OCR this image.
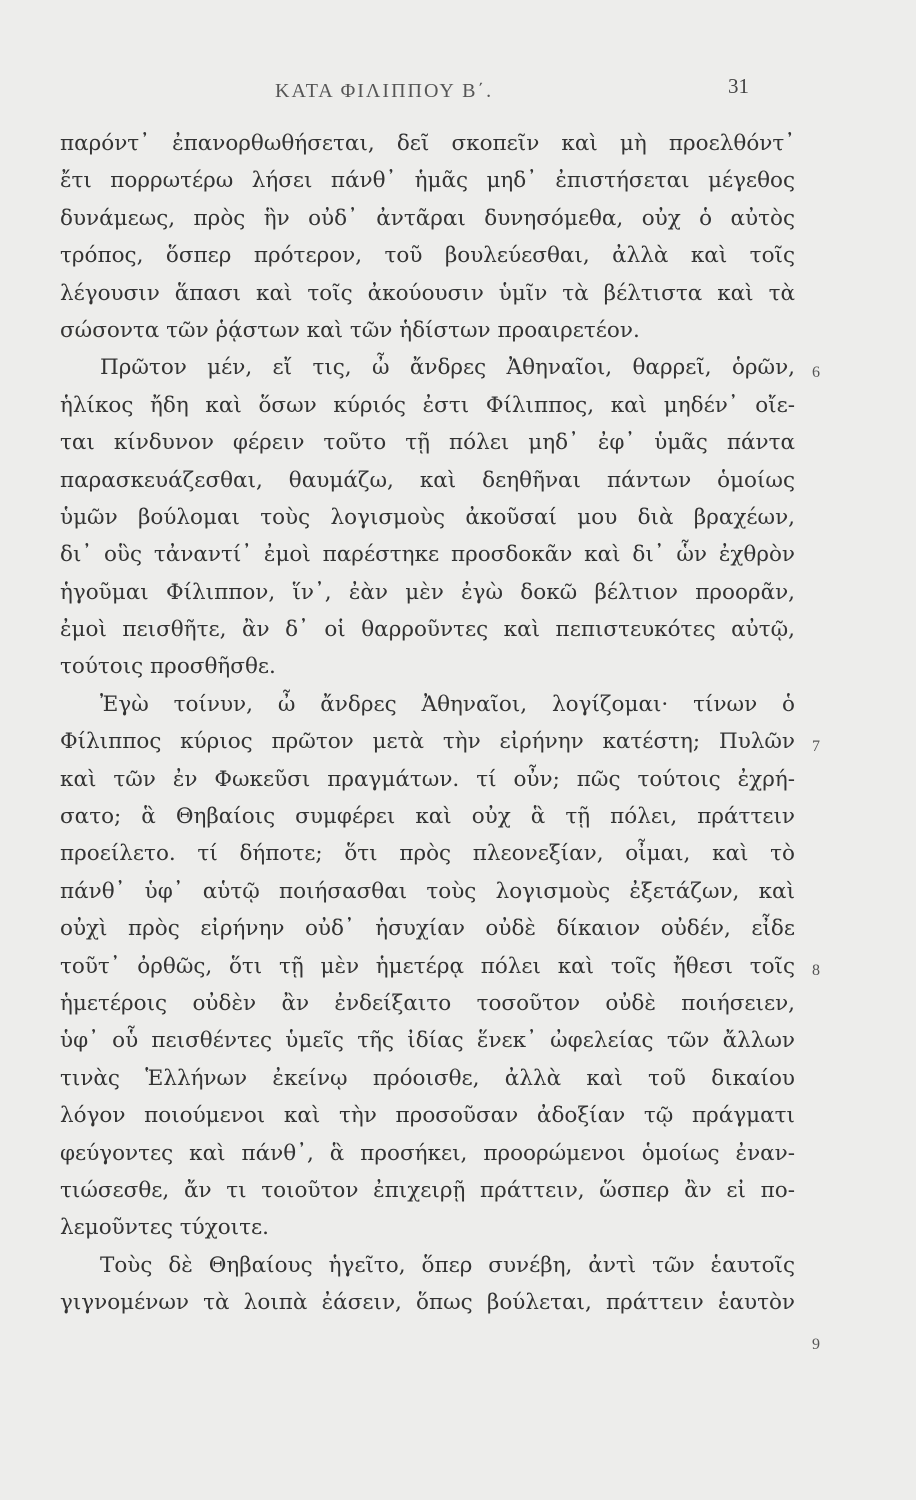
ΚΑΤΑ ΦΙΛΙΠΠΟΥ Β΄.	31
παρόντ᾽ ἐπανορθωθήσεται, δεῖ σκοπεῖν καὶ μὴ προελθόντ᾽
ἔτι πορρωτέρω λήσει πάνθ᾽ ἡμᾶς μηδ᾽ ἐπιστήσεται μέγεθος
δυνάμεως, πρὸς ἣν οὐδ᾽ ἀντᾶραι δυνησόμεθα, οὐχ ὁ αὐτὸς
τρόπος, ὅσπερ πρότερον, τοῦ βουλεύεσθαι, ἀλλὰ καὶ τοῖς
λέγουσιν ἅπασι καὶ τοῖς ἀκούουσιν ὑμῖν τὰ βέλτιστα καὶ τὰ
σώσοντα τῶν ῥᾴστων καὶ τῶν ἡδίστων προαιρετέον.
Πρῶτον μέν, εἴ τις, ὦ ἄνδρες Ἀθηναῖοι, θαρρεῖ, ὁρῶν,
ἡλίκος ἤδη καὶ ὅσων κύριός ἐστι Φίλιππος, καὶ μηδέν᾽ οἴε-
ται κίνδυνον φέρειν τοῦτο τῇ πόλει μηδ᾽ ἐφ᾽ ὑμᾶς πάντα
παρασκευάζεσθαι, θαυμάζω, καὶ δεηθῆναι πάντων ὁμοίως
ὑμῶν βούλομαι τοὺς λογισμοὺς ἀκοῦσαί μου διὰ βραχέων,
δι᾽ οὓς τἀναντί᾽ ἐμοὶ παρέστηκε προσδοκᾶν καὶ δι᾽ ὧν ἐχθρὸν
ἡγοῦμαι Φίλιππον, ἵν᾽, ἐὰν μὲν ἐγὼ δοκῶ βέλτιον προορᾶν,
ἐμοὶ πεισθῆτε, ἂν δ᾽ οἱ θαρροῦντες καὶ πεπιστευκότες αὐτῷ,
τούτοις προσθῆσθε.
Ἐγὼ τοίνυν, ὦ ἄνδρες Ἀθηναῖοι, λογίζομαι· τίνων ὁ
Φίλιππος κύριος πρῶτον μετὰ τὴν εἰρήνην κατέστη; Πυλῶν
καὶ τῶν ἐν Φωκεῦσι πραγμάτων. τί οὖν; πῶς τούτοις ἐχρή-
σατο; ἃ Θηβαίοις συμφέρει καὶ οὐχ ἃ τῇ πόλει, πράττειν
προείλετο. τί δήποτε; ὅτι πρὸς πλεονεξίαν, οἶμαι, καὶ τὸ
πάνθ᾽ ὑφ᾽ αὑτῷ ποιήσασθαι τοὺς λογισμοὺς ἐξετάζων, καὶ
οὐχὶ πρὸς εἰρήνην οὐδ᾽ ἡσυχίαν οὐδὲ δίκαιον οὐδέν, εἶδε
τοῦτ᾽ ὀρθῶς, ὅτι τῇ μὲν ἡμετέρᾳ πόλει καὶ τοῖς ἤθεσι τοῖς
ἡμετέροις οὐδὲν ἂν ἐνδείξαιτο τοσοῦτον οὐδὲ ποιήσειεν,
ὑφ᾽ οὗ πεισθέντες ὑμεῖς τῆς ἰδίας ἕνεκ᾽ ὠφελείας τῶν ἄλλων
τινὰς Ἑλλήνων ἐκείνῳ πρόοισθε, ἀλλὰ καὶ τοῦ δικαίου
λόγον ποιούμενοι καὶ τὴν προσοῦσαν ἀδοξίαν τῷ πράγματι
φεύγοντες καὶ πάνθ᾽, ἃ προσήκει, προορώμενοι ὁμοίως ἐναν-
τιώσεσθε, ἄν τι τοιοῦτον ἐπιχειρῇ πράττειν, ὥσπερ ἂν εἰ πο-
λεμοῦντες τύχοιτε.
Τοὺς δὲ Θηβαίους ἡγεῖτο, ὅπερ συνέβη, ἀντὶ τῶν ἑαυτοῖς
γιγνομένων τὰ λοιπὰ ἐάσειν, ὅπως βούλεται, πράττειν ἑαυτὸν
6
7
8
9
